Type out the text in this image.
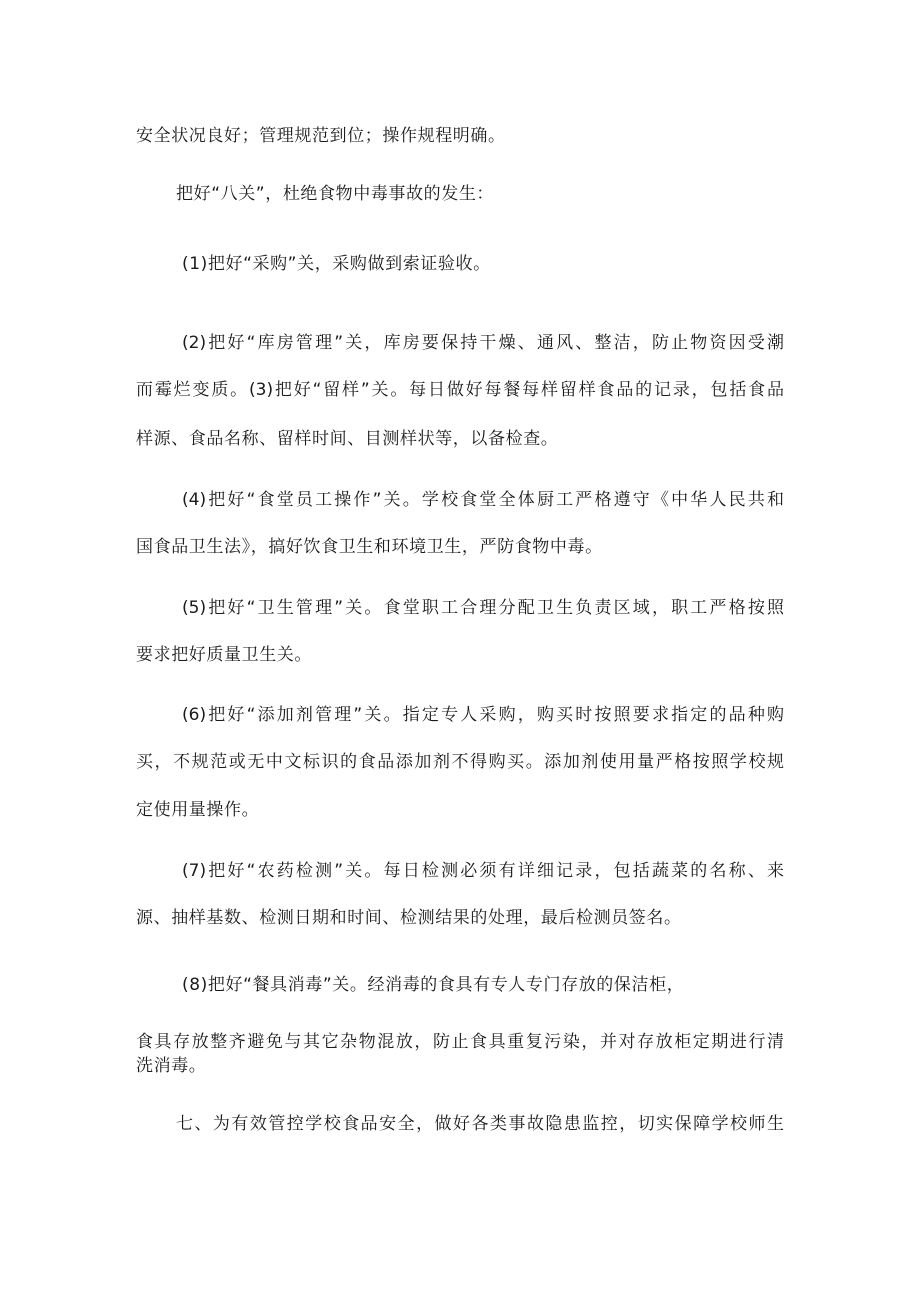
安全状况良好；管理规范到位；操作规程明确。
把好“八关”，杜绝食物中毒事故的发生：
(1)把好“采购”关，采购做到索证验收。
(2)把好“库房管理”关，库房要保持干燥、通风、整洁，防止物资因受潮
而霉烂变质。(3)把好“留样”关。每日做好每餐每样留样食品的记录，包括食品
样源、食品名称、留样时间、目测样状等，以备检查。
(4)把好“食堂员工操作”关。学校食堂全体厨工严格遵守《中华人民共和
国食品卫生法》，搞好饮食卫生和环境卫生，严防食物中毒。
(5)把好“卫生管理”关。食堂职工合理分配卫生负责区域，职工严格按照
要求把好质量卫生关。
(6)把好“添加剂管理”关。指定专人采购，购买时按照要求指定的品种购
买，不规范或无中文标识的食品添加剂不得购买。添加剂使用量严格按照学校规
定使用量操作。
(7)把好“农药检测”关。每日检测必须有详细记录，包括蔬菜的名称、来
源、抽样基数、检测日期和时间、检测结果的处理，最后检测员签名。
(8)把好“餐具消毒”关。经消毒的食具有专人专门存放的保洁柜，
食具存放整齐避免与其它杂物混放，防止食具重复污染，并对存放柜定期进行清
洗消毒。
七、为有效管控学校食品安全，做好各类事故隐患监控，切实保障学校师生
